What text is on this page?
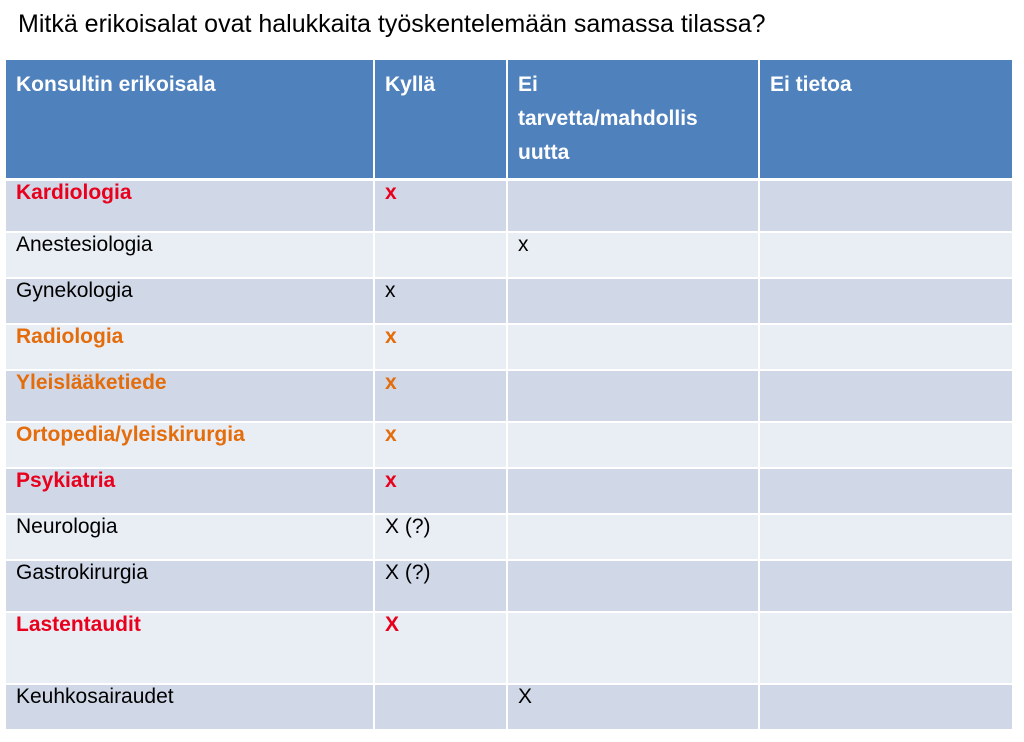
Mitkä erikoisalat ovat halukkaita työskentelemään samassa tilassa?
Konsultin erikoisala	Kyllä	Ei
tarvetta/mahdollis
uutta	Ei tietoa
Kardiologia	x		
Anestesiologia		x	
Gynekologia	x		
Radiologia	x		
Yleislääketiede	x		
Ortopedia/yleiskirurgia	x		
Psykiatria	x		
Neurologia	X (?)		
Gastrokirurgia	X (?)		
Lastentaudit	X		
Keuhkosairaudet		X	
